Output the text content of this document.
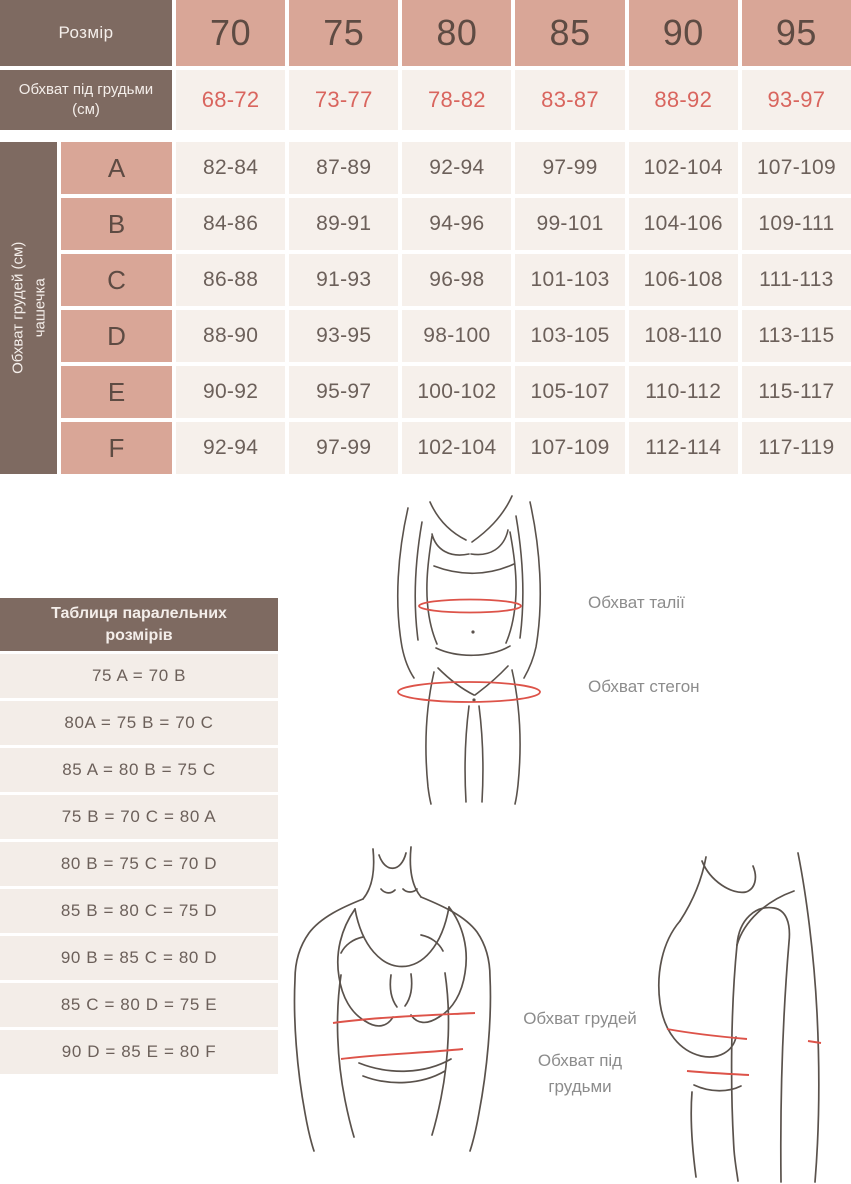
Розмір	70	75	80	85	90	95
Обхват під грудьми (см)	68-72	73-77	78-82	83-87	88-92	93-97
Обхват грудей (см) чашечка
A	82-84	87-89	92-94	97-99	102-104	107-109
B	84-86	89-91	94-96	99-101	104-106	109-111
C	86-88	91-93	96-98	101-103	106-108	111-113
D	88-90	93-95	98-100	103-105	108-110	113-115
E	90-92	95-97	100-102	105-107	110-112	115-117
F	92-94	97-99	102-104	107-109	112-114	117-119
Таблиця паралельних розмірів
75 A = 70 B
80A = 75 B = 70 C
85 A = 80 B = 75 C
75 B = 70 C = 80 A
80 B = 75 C = 70 D
85 B = 80 C = 75 D
90 B = 85 C = 80 D
85 C = 80 D = 75 E
90 D = 85 E = 80 F
Обхват талії
Обхват стегон
Обхват грудей
Обхват під грудьми
